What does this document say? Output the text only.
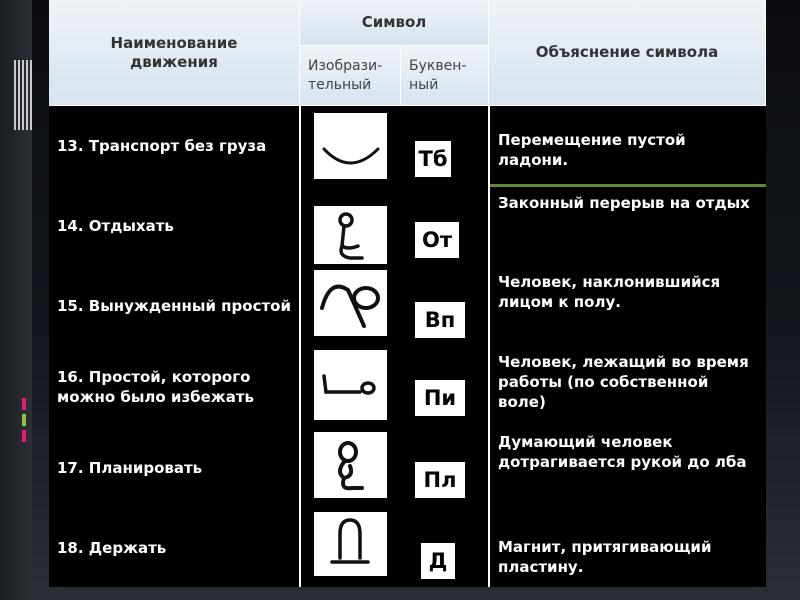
Наименование движения
Символ
Изобрази-тельный
Буквен-ный
Объяснение символа
13. Транспорт без груза
Тб
Перемещение пустой ладони.
14. Отдыхать
От
Законный перерыв на отдых
15. Вынужденный простой
Вп
Человек, наклонившийся лицом к полу.
16. Простой, которого можно было избежать	Пи
Человек, лежащий во время работы (по собственной воле)
17. Планировать	Пл
Думающий человек дотрагивается рукой до лба
18. Держать
Д
Магнит, притягивающий пластину.
